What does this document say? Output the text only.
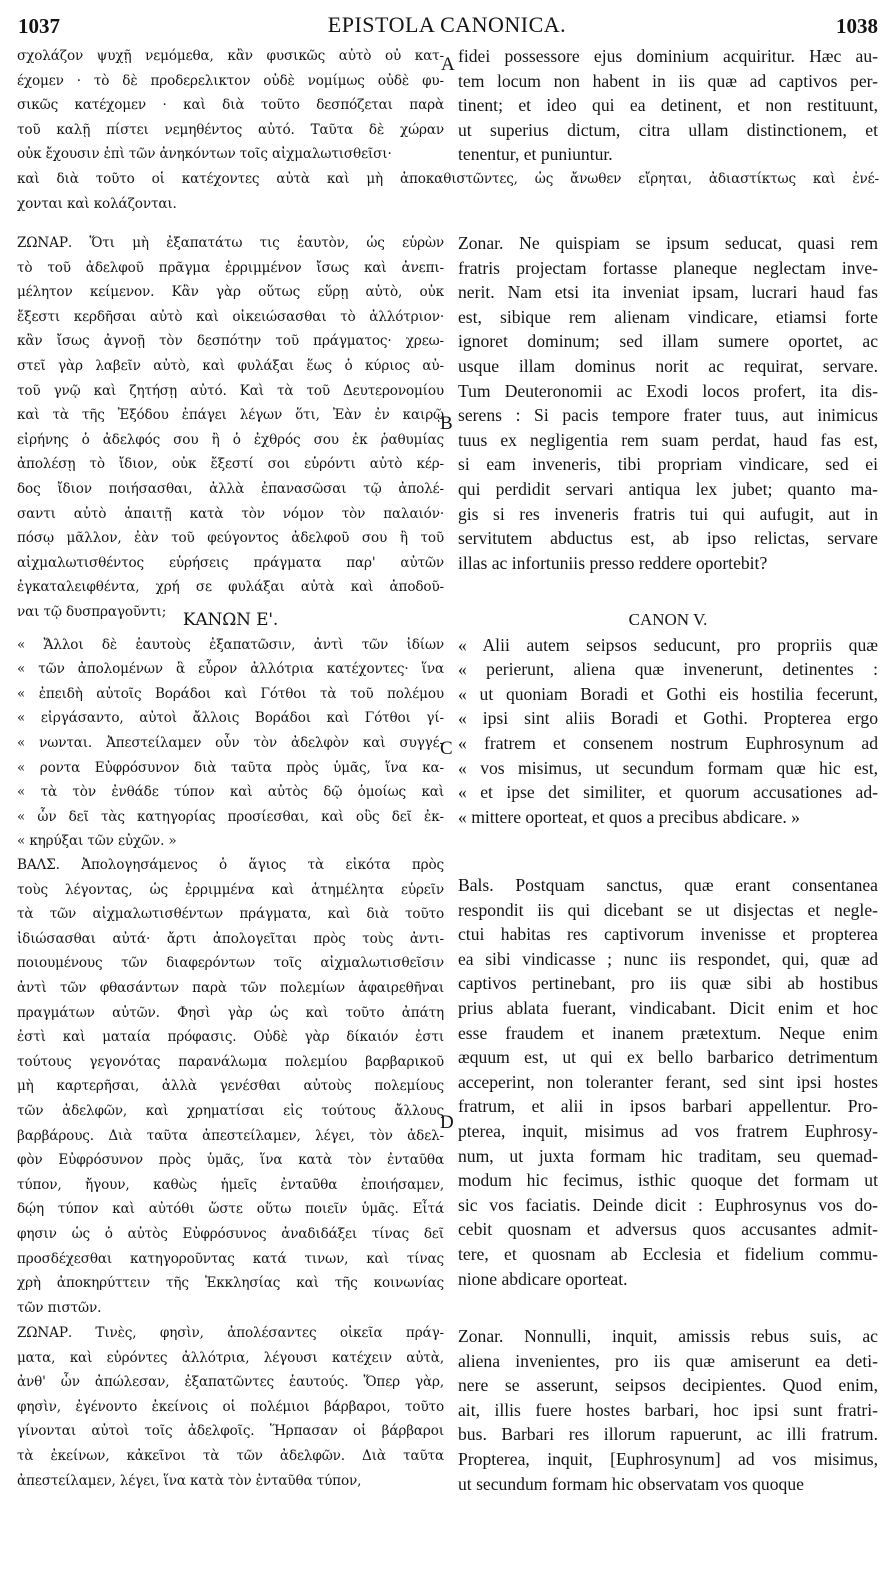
1037	EPISTOLA CANONICA.	1038
A
B
C
D
σχολάζον ψυχῇ νεμόμεθα, κἂν φυσικῶς αὐτὸ οὐ κατ-
έχομεν · τὸ δὲ προδερελικτον οὐδὲ νομίμως οὐδὲ φυ-
σικῶς κατέχομεν · καὶ διὰ τοῦτο δεσπόζεται παρὰ
τοῦ καλῇ πίστει νεμηθέντος αὐτό. Ταῦτα δὲ χώραν
οὐκ ἔχουσιν ἐπὶ τῶν ἀνηκόντων τοῖς αἰχμαλωτισθεῖσι·
fidei possessore ejus dominium acquiritur. Hæc au-
tem locum non habent in iis quæ ad captivos per-
tinent; et ideo qui ea detinent, et non restituunt,
ut superius dictum, citra ullam distinctionem, et
tenentur, et puniuntur.
καὶ διὰ τοῦτο οἱ κατέχοντες αὐτὰ καὶ μὴ ἀποκαθιστῶντες, ὡς ἄνωθεν εἴρηται, ἀδιαστίκτως καὶ ἐνέ-
χονται καὶ κολάζονται.
ΖΩΝΑΡ. Ὅτι μὴ ἐξαπατάτω τις ἑαυτὸν, ὡς εὑρὼν
τὸ τοῦ ἀδελφοῦ πρᾶγμα ἐρριμμένον ἴσως καὶ ἀνεπι-
μέλητον κείμενον. Κἂν γὰρ οὕτως εὕρῃ αὐτὸ, οὐκ
ἔξεστι κερδῆσαι αὐτὸ καὶ οἰκειώσασθαι τὸ ἀλλότριον·
κἂν ἴσως ἀγνοῇ τὸν δεσπότην τοῦ πράγματος· χρεω-
στεῖ γὰρ λαβεῖν αὐτὸ, καὶ φυλάξαι ἕως ὁ κύριος αὐ-
τοῦ γνῷ καὶ ζητήσῃ αὐτό. Καὶ τὰ τοῦ Δευτερονομίου
καὶ τὰ τῆς Ἐξόδου ἐπάγει λέγων ὅτι, Ἐὰν ἐν καιρῷ
εἰρήνης ὁ ἀδελφός σου ἢ ὁ ἐχθρός σου ἐκ ῥαθυμίας
ἀπολέσῃ τὸ ἴδιον, οὐκ ἔξεστί σοι εὑρόντι αὐτὸ κέρ-
δος ἴδιον ποιήσασθαι, ἀλλὰ ἐπανασῶσαι τῷ ἀπολέ-
σαντι αὐτὸ ἀπαιτῇ κατὰ τὸν νόμον τὸν παλαιόν·
πόσῳ μᾶλλον, ἐὰν τοῦ φεύγοντος ἀδελφοῦ σου ἢ τοῦ
αἰχμαλωτισθέντος εὑρήσεις πράγματα παρ' αὐτῶν
ἐγκαταλειφθέντα, χρή σε φυλάξαι αὐτὰ καὶ ἀποδοῦ-
ναι τῷ δυσπραγοῦντι;
Zonar. Ne quispiam se ipsum seducat, quasi rem
fratris projectam fortasse planeque neglectam inve-
nerit. Nam etsi ita inveniat ipsam, lucrari haud fas
est, sibique rem alienam vindicare, etiamsi forte
ignoret dominum; sed illam sumere oportet, ac
usque illam dominus norit ac requirat, servare.
Tum Deuteronomii ac Exodi locos profert, ita dis-
serens : Si pacis tempore frater tuus, aut inimicus
tuus ex negligentia rem suam perdat, haud fas est,
si eam inveneris, tibi propriam vindicare, sed ei
qui perdidit servari antiqua lex jubet; quanto ma-
gis si res inveneris fratris tui qui aufugit, aut in
servitutem abductus est, ab ipso relictas, servare
illas ac infortuniis presso reddere oportebit?
ΚΑΝΩΝ Ε'.
« Ἄλλοι δὲ ἑαυτοὺς ἐξαπατῶσιν, ἀντὶ τῶν ἰδίων
« τῶν ἀπολομένων ἃ εὗρον ἀλλότρια κατέχοντες· ἵνα
« ἐπειδὴ αὐτοῖς Βοράδοι καὶ Γότθοι τὰ τοῦ πολέμου
« εἰργάσαντο, αὐτοὶ ἄλλοις Βοράδοι καὶ Γότθοι γί-
« νωνται. Ἀπεστείλαμεν οὖν τὸν ἀδελφὸν καὶ συγγέ-
« ροντα Εὐφρόσυνον διὰ ταῦτα πρὸς ὑμᾶς, ἵνα κα-
« τὰ τὸν ἐνθάδε τύπον καὶ αὐτὸς δῷ ὁμοίως καὶ
« ὧν δεῖ τὰς κατηγορίας προσίεσθαι, καὶ οὓς δεῖ ἐκ-
« κηρύξαι τῶν εὐχῶν. »
CANON V.
« Alii autem seipsos seducunt, pro propriis quæ
« perierunt, aliena quæ invenerunt, detinentes :
« ut quoniam Boradi et Gothi eis hostilia fecerunt,
« ipsi sint aliis Boradi et Gothi. Propterea ergo
« fratrem et consenem nostrum Euphrosynum ad
« vos misimus, ut secundum formam quæ hic est,
« et ipse det similiter, et quorum accusationes ad-
« mittere oporteat, et quos a precibus abdicare. »
ΒΑΛΣ. Ἀπολογησάμενος ὁ ἅγιος τὰ εἰκότα πρὸς
τοὺς λέγοντας, ὡς ἐρριμμένα καὶ ἀτημέλητα εὑρεῖν
τὰ τῶν αἰχμαλωτισθέντων πράγματα, καὶ διὰ τοῦτο
ἰδιώσασθαι αὐτά· ἄρτι ἀπολογεῖται πρὸς τοὺς ἀντι-
ποιουμένους τῶν διαφερόντων τοῖς αἰχμαλωτισθεῖσιν
ἀντὶ τῶν φθασάντων παρὰ τῶν πολεμίων ἀφαιρεθῆναι
πραγμάτων αὐτῶν. Φησὶ γὰρ ὡς καὶ τοῦτο ἀπάτη
ἐστὶ καὶ ματαία πρόφασις. Οὐδὲ γὰρ δίκαιόν ἐστι
τούτους γεγονότας παρανάλωμα πολεμίου βαρβαρικοῦ
μὴ καρτερῆσαι, ἀλλὰ γενέσθαι αὐτοὺς πολεμίους
τῶν ἀδελφῶν, καὶ χρηματίσαι εἰς τούτους ἄλλους
βαρβάρους. Διὰ ταῦτα ἀπεστείλαμεν, λέγει, τὸν ἀδελ-
φὸν Εὐφρόσυνον πρὸς ὑμᾶς, ἵνα κατὰ τὸν ἐνταῦθα
τύπον, ἤγουν, καθὼς ἡμεῖς ἐνταῦθα ἐποιήσαμεν,
δῴη τύπον καὶ αὐτόθι ὥστε οὕτω ποιεῖν ὑμᾶς. Εἶτά
φησιν ὡς ὁ αὐτὸς Εὐφρόσυνος ἀναδιδάξει τίνας δεῖ
προσδέχεσθαι κατηγοροῦντας κατά τινων, καὶ τίνας
χρὴ ἀποκηρύττειν τῆς Ἐκκλησίας καὶ τῆς κοινωνίας
τῶν πιστῶν.
Bals. Postquam sanctus, quæ erant consentanea
respondit iis qui dicebant se ut disjectas et negle-
ctui habitas res captivorum invenisse et propterea
ea sibi vindicasse ; nunc iis respondet, qui, quæ ad
captivos pertinebant, pro iis quæ sibi ab hostibus
prius ablata fuerant, vindicabant. Dicit enim et hoc
esse fraudem et inanem prætextum. Neque enim
æquum est, ut qui ex bello barbarico detrimentum
acceperint, non toleranter ferant, sed sint ipsi hostes
fratrum, et alii in ipsos barbari appellentur. Pro-
pterea, inquit, misimus ad vos fratrem Euphrosy-
num, ut juxta formam hic traditam, seu quemad-
modum hic fecimus, isthic quoque det formam ut
sic vos faciatis. Deinde dicit : Euphrosynus vos do-
cebit quosnam et adversus quos accusantes admit-
tere, et quosnam ab Ecclesia et fidelium commu-
nione abdicare oporteat.
ΖΩΝΑΡ. Τινὲς, φησὶν, ἀπολέσαντες οἰκεῖα πράγ-
ματα, καὶ εὑρόντες ἀλλότρια, λέγουσι κατέχειν αὐτὰ,
ἀνθ' ὧν ἀπώλεσαν, ἐξαπατῶντες ἑαυτούς. Ὅπερ γὰρ,
φησὶν, ἐγένοντο ἐκείνοις οἱ πολέμιοι βάρβαροι, τοῦτο
γίνονται αὐτοὶ τοῖς ἀδελφοῖς. Ἥρπασαν οἱ βάρβαροι
τὰ ἐκείνων, κἀκεῖνοι τὰ τῶν ἀδελφῶν. Διὰ ταῦτα
ἀπεστείλαμεν, λέγει, ἵνα κατὰ τὸν ἐνταῦθα τύπον,
Zonar. Nonnulli, inquit, amissis rebus suis, ac
aliena invenientes, pro iis quæ amiserunt ea deti-
nere se asserunt, seipsos decipientes. Quod enim,
ait, illis fuere hostes barbari, hoc ipsi sunt fratri-
bus. Barbari res illorum rapuerunt, ac illi fratrum.
Propterea, inquit, [Euphrosynum] ad vos misimus,
ut secundum formam hic observatam vos quoque
